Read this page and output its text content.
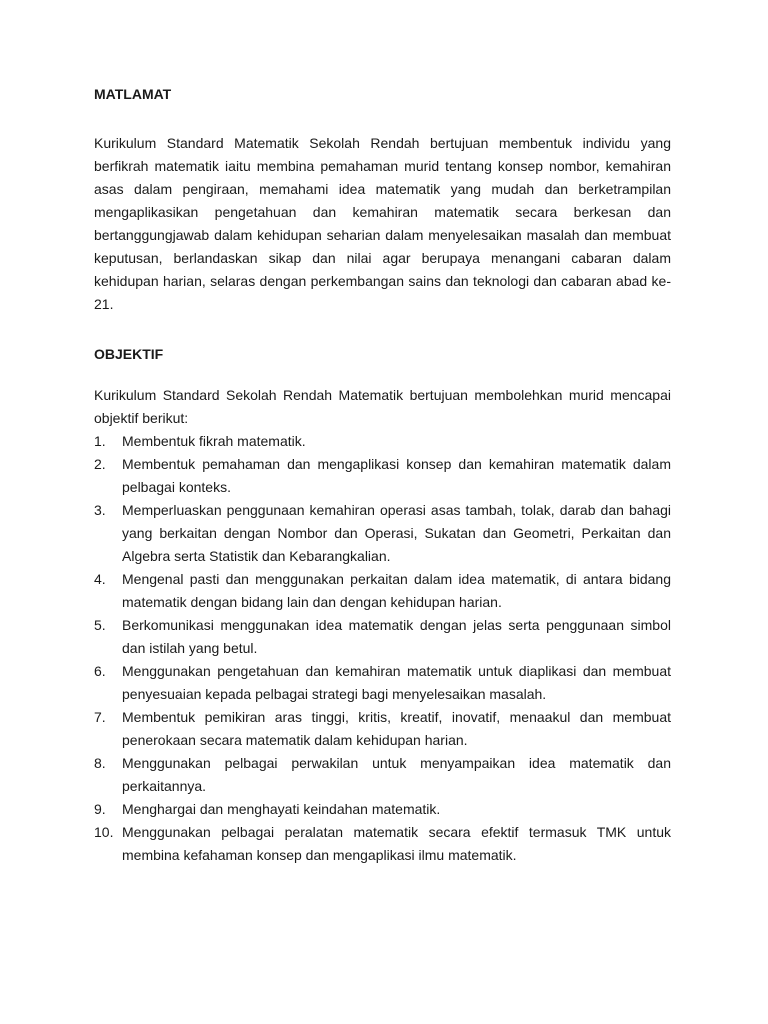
MATLAMAT

Kurikulum Standard Matematik Sekolah Rendah bertujuan membentuk individu yang berfikrah matematik iaitu membina pemahaman murid tentang konsep nombor, kemahiran asas dalam pengiraan, memahami idea matematik yang mudah dan berketrampilan mengaplikasikan pengetahuan dan kemahiran matematik secara berkesan dan bertanggungjawab dalam kehidupan seharian dalam menyelesaikan masalah dan membuat keputusan, berlandaskan sikap dan nilai agar berupaya menangani cabaran dalam kehidupan harian, selaras dengan perkembangan sains dan teknologi dan cabaran abad ke-21.

OBJEKTIF

Kurikulum Standard Sekolah Rendah Matematik bertujuan membolehkan murid mencapai objektif berikut:

1.	Membentuk fikrah matematik.
2.	Membentuk pemahaman dan mengaplikasi konsep dan kemahiran matematik dalam pelbagai konteks.
3.	Memperluaskan penggunaan kemahiran operasi asas tambah, tolak, darab dan bahagi yang berkaitan dengan Nombor dan Operasi, Sukatan dan Geometri, Perkaitan dan Algebra serta Statistik dan Kebarangkalian.
4.	Mengenal pasti dan menggunakan perkaitan dalam idea matematik, di antara bidang matematik dengan bidang lain dan dengan kehidupan harian.
5.	Berkomunikasi menggunakan idea matematik dengan jelas serta penggunaan simbol dan istilah yang betul.
6.	Menggunakan pengetahuan dan kemahiran matematik untuk diaplikasi dan membuat penyesuaian kepada pelbagai strategi bagi menyelesaikan masalah.
7.	Membentuk pemikiran aras tinggi, kritis, kreatif, inovatif, menaakul dan membuat penerokaan secara matematik dalam kehidupan harian.
8.	Menggunakan pelbagai perwakilan untuk menyampaikan idea matematik dan perkaitannya.
9.	Menghargai dan menghayati keindahan matematik.
10. Menggunakan pelbagai peralatan matematik secara efektif termasuk TMK untuk membina kefahaman konsep dan mengaplikasi ilmu matematik.
